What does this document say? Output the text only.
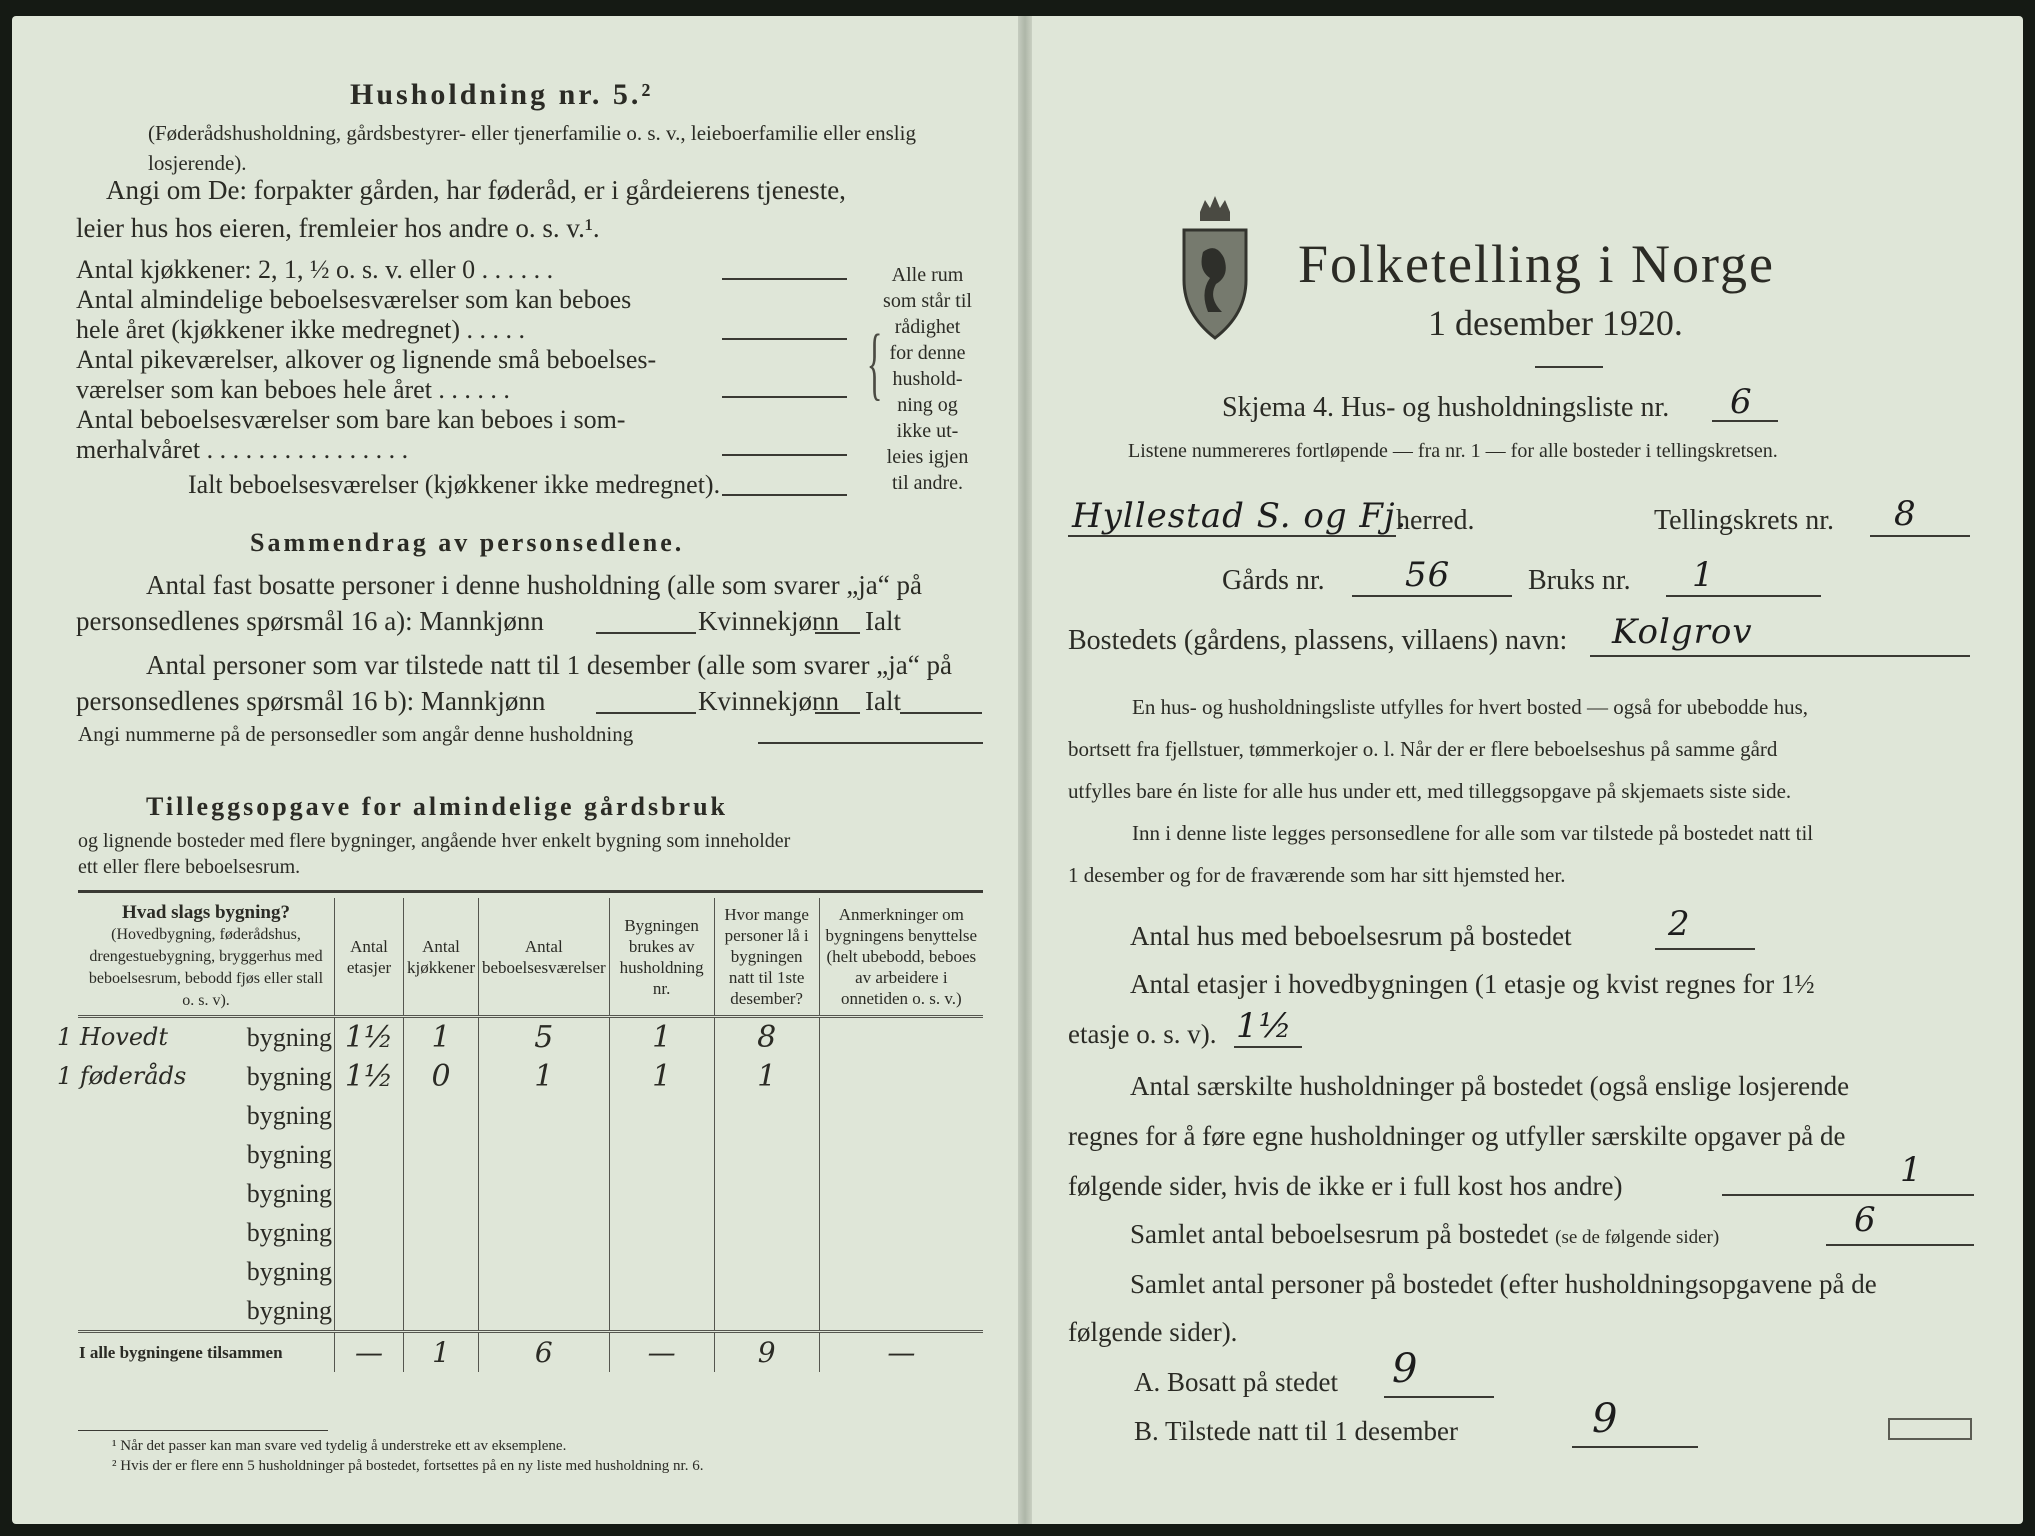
Husholdning nr. 5.²
(Føderådshusholdning, gårdsbestyrer- eller tjenerfamilie o. s. v., leieboerfamilie eller enslig losjerende).
Angi om De: forpakter gården, har føderåd, er i gårdeierens tjeneste,
leier hus hos eieren, fremleier hos andre o. s. v.¹.
Antal kjøkkener: 2, 1, ½ o. s. v. eller 0 . . . . . .
Antal almindelige beboelsesværelser som kan beboes
hele året (kjøkkener ikke medregnet) . . . . .
Antal pikeværelser, alkover og lignende små beboelses-
værelser som kan beboes hele året . . . . . .
Antal beboelsesværelser som bare kan beboes i som-
merhalvåret . . . . . . . . . . . . . . . .
Ialt beboelsesværelser (kjøkkener ikke medregnet).
{
Alle rum
som står til
rådighet
for denne
hushold-
ning og
ikke ut-
leies igjen
til andre.
Sammendrag av personsedlene.
Antal fast bosatte personer i denne husholdning (alle som svarer „ja“ på
personsedlenes spørsmål 16 a): Mannkjønn	Kvinnekjønn Ialt
Antal personer som var tilstede natt til 1 desember (alle som svarer „ja“ på
personsedlenes spørsmål 16 b): Mannkjønn	Kvinnekjønn Ialt
Angi nummerne på de personsedler som angår denne husholdning
Tilleggsopgave for almindelige gårdsbruk
og lignende bosteder med flere bygninger, angående hver enkelt bygning som inneholder
ett eller flere beboelsesrum.
Hvad slags bygning?
(Hovedbygning, føderådshus, drengestuebygning, bryggerhus med beboelsesrum, bebodd fjøs eller stall o. s. v).	Antal etasjer	Antal kjøkkener	Antal beboelsesværelser	Bygningen brukes av husholdning nr.	Hvor mange personer lå i bygningen natt til 1ste desember?	Anmerkninger om bygningens benyttelse (helt ubebodd, beboes av arbeidere i onnetiden o. s. v.)

1 Hovedt bygning	1½	1	5	1	8	

1 føderåds bygning	1½	0	1	1	1	

bygning						

bygning						

bygning						

bygning						

bygning						

bygning						
I alle bygningene tilsammen	—	1	6	—	9	—
¹ Når det passer kan man svare ved tydelig å understreke ett av eksemplene.
² Hvis der er flere enn 5 husholdninger på bostedet, fortsettes på en ny liste med husholdning nr. 6.
Folketelling i Norge
1 desember 1920.
Skjema 4. Hus- og husholdningsliste nr. 6
Listene nummereres fortløpende — fra nr. 1 — for alle bosteder i tellingskretsen.
Hyllestad S. og Fj.
herred.	Tellingskrets nr. 8
Gårds nr. 56	Bruks nr. 1
Bostedets (gårdens, plassens, villaens) navn: Kolgrov
En hus- og husholdningsliste utfylles for hvert bosted — også for ubebodde hus,
bortsett fra fjellstuer, tømmerkojer o. l. Når der er flere beboelseshus på samme gård
utfylles bare én liste for alle hus under ett, med tilleggsopgave på skjemaets siste side.
Inn i denne liste legges personsedlene for alle som var tilstede på bostedet natt til
1 desember og for de fraværende som har sitt hjemsted her.
Antal hus med beboelsesrum på bostedet	2
Antal etasjer i hovedbygningen (1 etasje og kvist regnes for 1½
etasje o. s. v). 1½
Antal særskilte husholdninger på bostedet (også enslige losjerende
regnes for å føre egne husholdninger og utfyller særskilte opgaver på de
følgende sider, hvis de ikke er i full kost hos andre)	1
Samlet antal beboelsesrum på bostedet (se de følgende sider)	6
Samlet antal personer på bostedet (efter husholdningsopgavene på de
følgende sider).
A. Bosatt på stedet 9
B. Tilstede natt til 1 desember	9
